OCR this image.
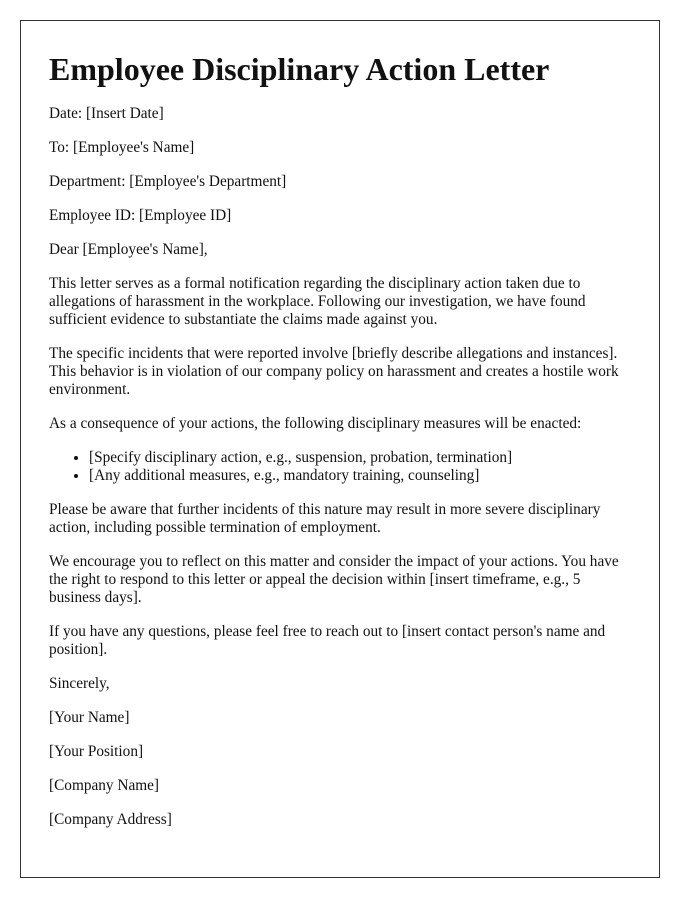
Employee Disciplinary Action Letter

Date: [Insert Date]

To: [Employee's Name]

Department: [Employee's Department]

Employee ID: [Employee ID]

Dear [Employee's Name],

This letter serves as a formal notification regarding the disciplinary action taken due to allegations of harassment in the workplace. Following our investigation, we have found sufficient evidence to substantiate the claims made against you.

The specific incidents that were reported involve [briefly describe allegations and instances]. This behavior is in violation of our company policy on harassment and creates a hostile work environment.

As a consequence of your actions, the following disciplinary measures will be enacted:

• [Specify disciplinary action, e.g., suspension, probation, termination]
• [Any additional measures, e.g., mandatory training, counseling]

Please be aware that further incidents of this nature may result in more severe disciplinary action, including possible termination of employment.

We encourage you to reflect on this matter and consider the impact of your actions. You have the right to respond to this letter or appeal the decision within [insert timeframe, e.g., 5 business days].

If you have any questions, please feel free to reach out to [insert contact person's name and position].

Sincerely,

[Your Name]

[Your Position]

[Company Name]

[Company Address]
